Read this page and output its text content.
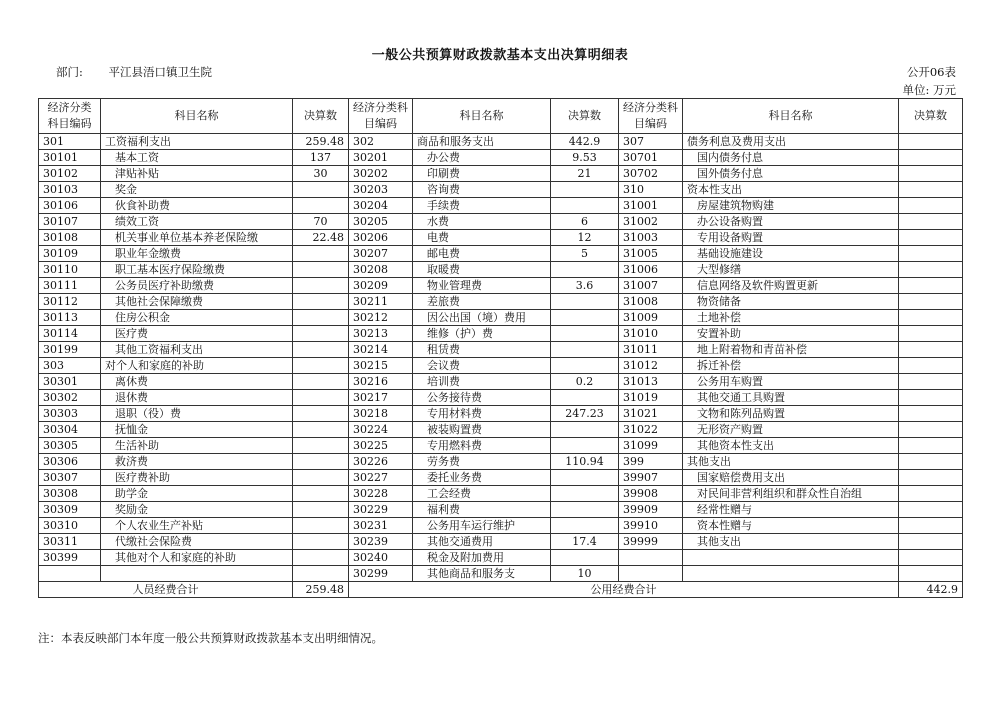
一般公共预算财政拨款基本支出决算明细表
部门: 平江县浯口镇卫生院	公开06表
单位: 万元
经济分类科目编码	科目名称	决算数	经济分类科目编码	科目名称	决算数	经济分类科目编码	科目名称	决算数
301	工资福利支出	259.48	302	商品和服务支出	442.9	307	债务利息及费用支出	
30101	基本工资	137	30201	办公费	9.53	30701	国内债务付息	
30102	津贴补贴	30	30202	印刷费	21	30702	国外债务付息	
30103	奖金		30203	咨询费		310	资本性支出	
30106	伙食补助费		30204	手续费		31001	房屋建筑物购建	
30107	绩效工资	70	30205	水费	6	31002	办公设备购置	
30108	机关事业单位基本养老保险缴	22.48	30206	电费	12	31003	专用设备购置	
30109	职业年金缴费		30207	邮电费	5	31005	基础设施建设	
30110	职工基本医疗保险缴费		30208	取暖费		31006	大型修缮	
30111	公务员医疗补助缴费		30209	物业管理费	3.6	31007	信息网络及软件购置更新	
30112	其他社会保障缴费		30211	差旅费		31008	物资储备	
30113	住房公积金		30212	因公出国（境）费用		31009	土地补偿	
30114	医疗费		30213	维修（护）费		31010	安置补助	
30199	其他工资福利支出		30214	租赁费		31011	地上附着物和青苗补偿	
303	对个人和家庭的补助		30215	会议费		31012	拆迁补偿	
30301	离休费		30216	培训费	0.2	31013	公务用车购置	
30302	退休费		30217	公务接待费		31019	其他交通工具购置	
30303	退职（役）费		30218	专用材料费	247.23	31021	文物和陈列品购置	
30304	抚恤金		30224	被装购置费		31022	无形资产购置	
30305	生活补助		30225	专用燃料费		31099	其他资本性支出	
30306	救济费		30226	劳务费	110.94	399	其他支出	
30307	医疗费补助		30227	委托业务费		39907	国家赔偿费用支出	
30308	助学金		30228	工会经费		39908	对民间非营利组织和群众性自治组	
30309	奖励金		30229	福利费		39909	经常性赠与	
30310	个人农业生产补贴		30231	公务用车运行维护		39910	资本性赠与	
30311	代缴社会保险费		30239	其他交通费用	17.4	39999	其他支出	
30399	其他对个人和家庭的补助		30240	税金及附加费用				
			30299	其他商品和服务支	10			
人员经费合计		259.48	公用经费合计					442.9
注：本表反映部门本年度一般公共预算财政拨款基本支出明细情况。
